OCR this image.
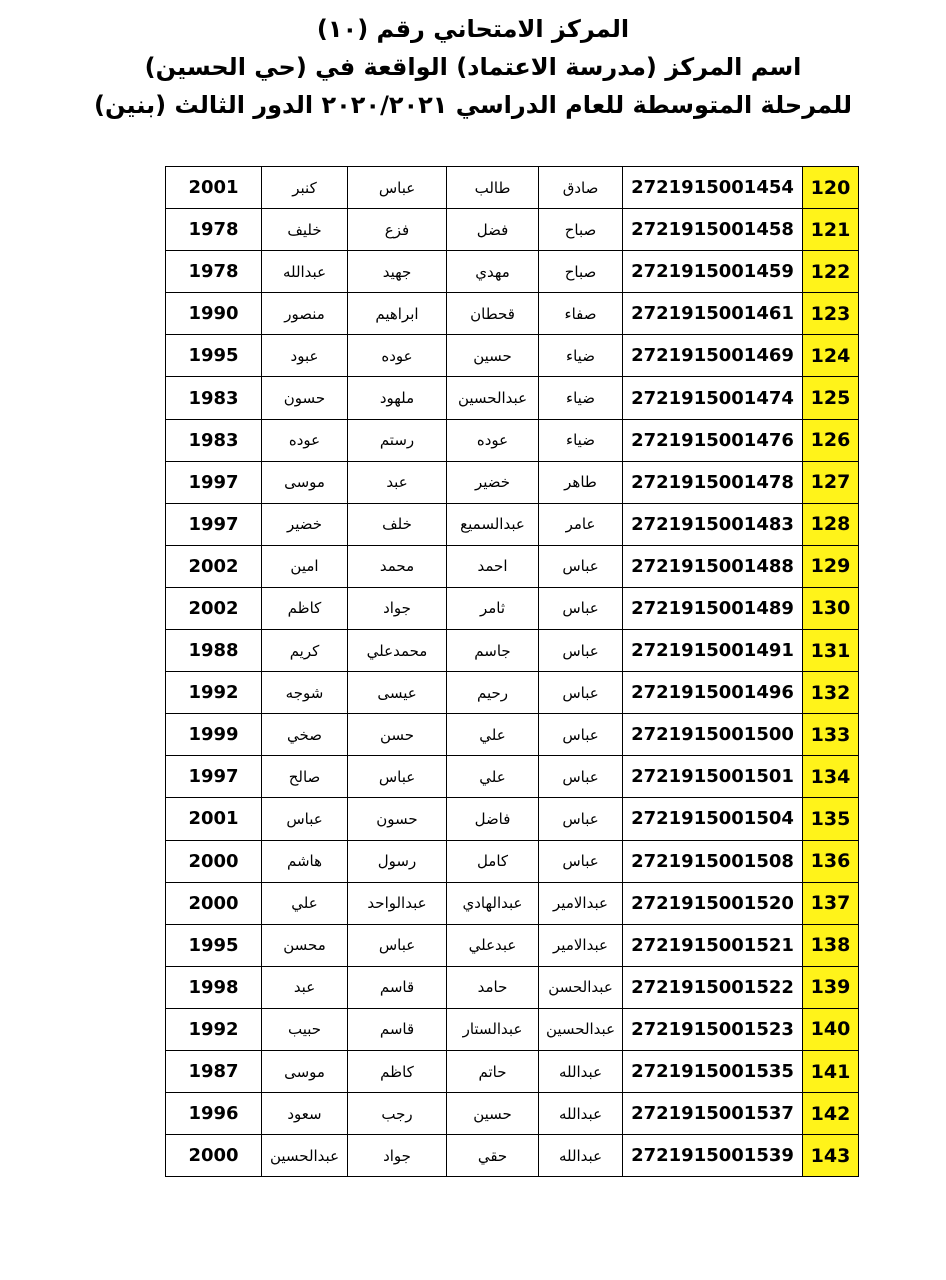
المركز الامتحاني رقم (١٠)
اسم المركز (مدرسة الاعتماد) الواقعة في (حي الحسين)
للمرحلة المتوسطة للعام الدراسي ٢٠٢٠/٢٠٢١ الدور الثالث (بنين)
120	2721915001454	صادق	طالب	عباس	كنبر	2001
121	2721915001458	صباح	فضل	فزع	خليف	1978
122	2721915001459	صباح	مهدي	جهيد	عبدالله	1978
123	2721915001461	صفاء	قحطان	ابراهيم	منصور	1990
124	2721915001469	ضياء	حسين	عوده	عبود	1995
125	2721915001474	ضياء	عبدالحسين	ملهود	حسون	1983
126	2721915001476	ضياء	عوده	رستم	عوده	1983
127	2721915001478	طاهر	خضير	عبد	موسى	1997
128	2721915001483	عامر	عبدالسميع	خلف	خضير	1997
129	2721915001488	عباس	احمد	محمد	امين	2002
130	2721915001489	عباس	ثامر	جواد	كاظم	2002
131	2721915001491	عباس	جاسم	محمدعلي	كريم	1988
132	2721915001496	عباس	رحيم	عيسى	شوجه	1992
133	2721915001500	عباس	علي	حسن	صخي	1999
134	2721915001501	عباس	علي	عباس	صالح	1997
135	2721915001504	عباس	فاضل	حسون	عباس	2001
136	2721915001508	عباس	كامل	رسول	هاشم	2000
137	2721915001520	عبدالامير	عبدالهادي	عبدالواحد	علي	2000
138	2721915001521	عبدالامير	عبدعلي	عباس	محسن	1995
139	2721915001522	عبدالحسن	حامد	قاسم	عبد	1998
140	2721915001523	عبدالحسين	عبدالستار	قاسم	حبيب	1992
141	2721915001535	عبدالله	حاتم	كاظم	موسى	1987
142	2721915001537	عبدالله	حسين	رجب	سعود	1996
143	2721915001539	عبدالله	حقي	جواد	عبدالحسين	2000
